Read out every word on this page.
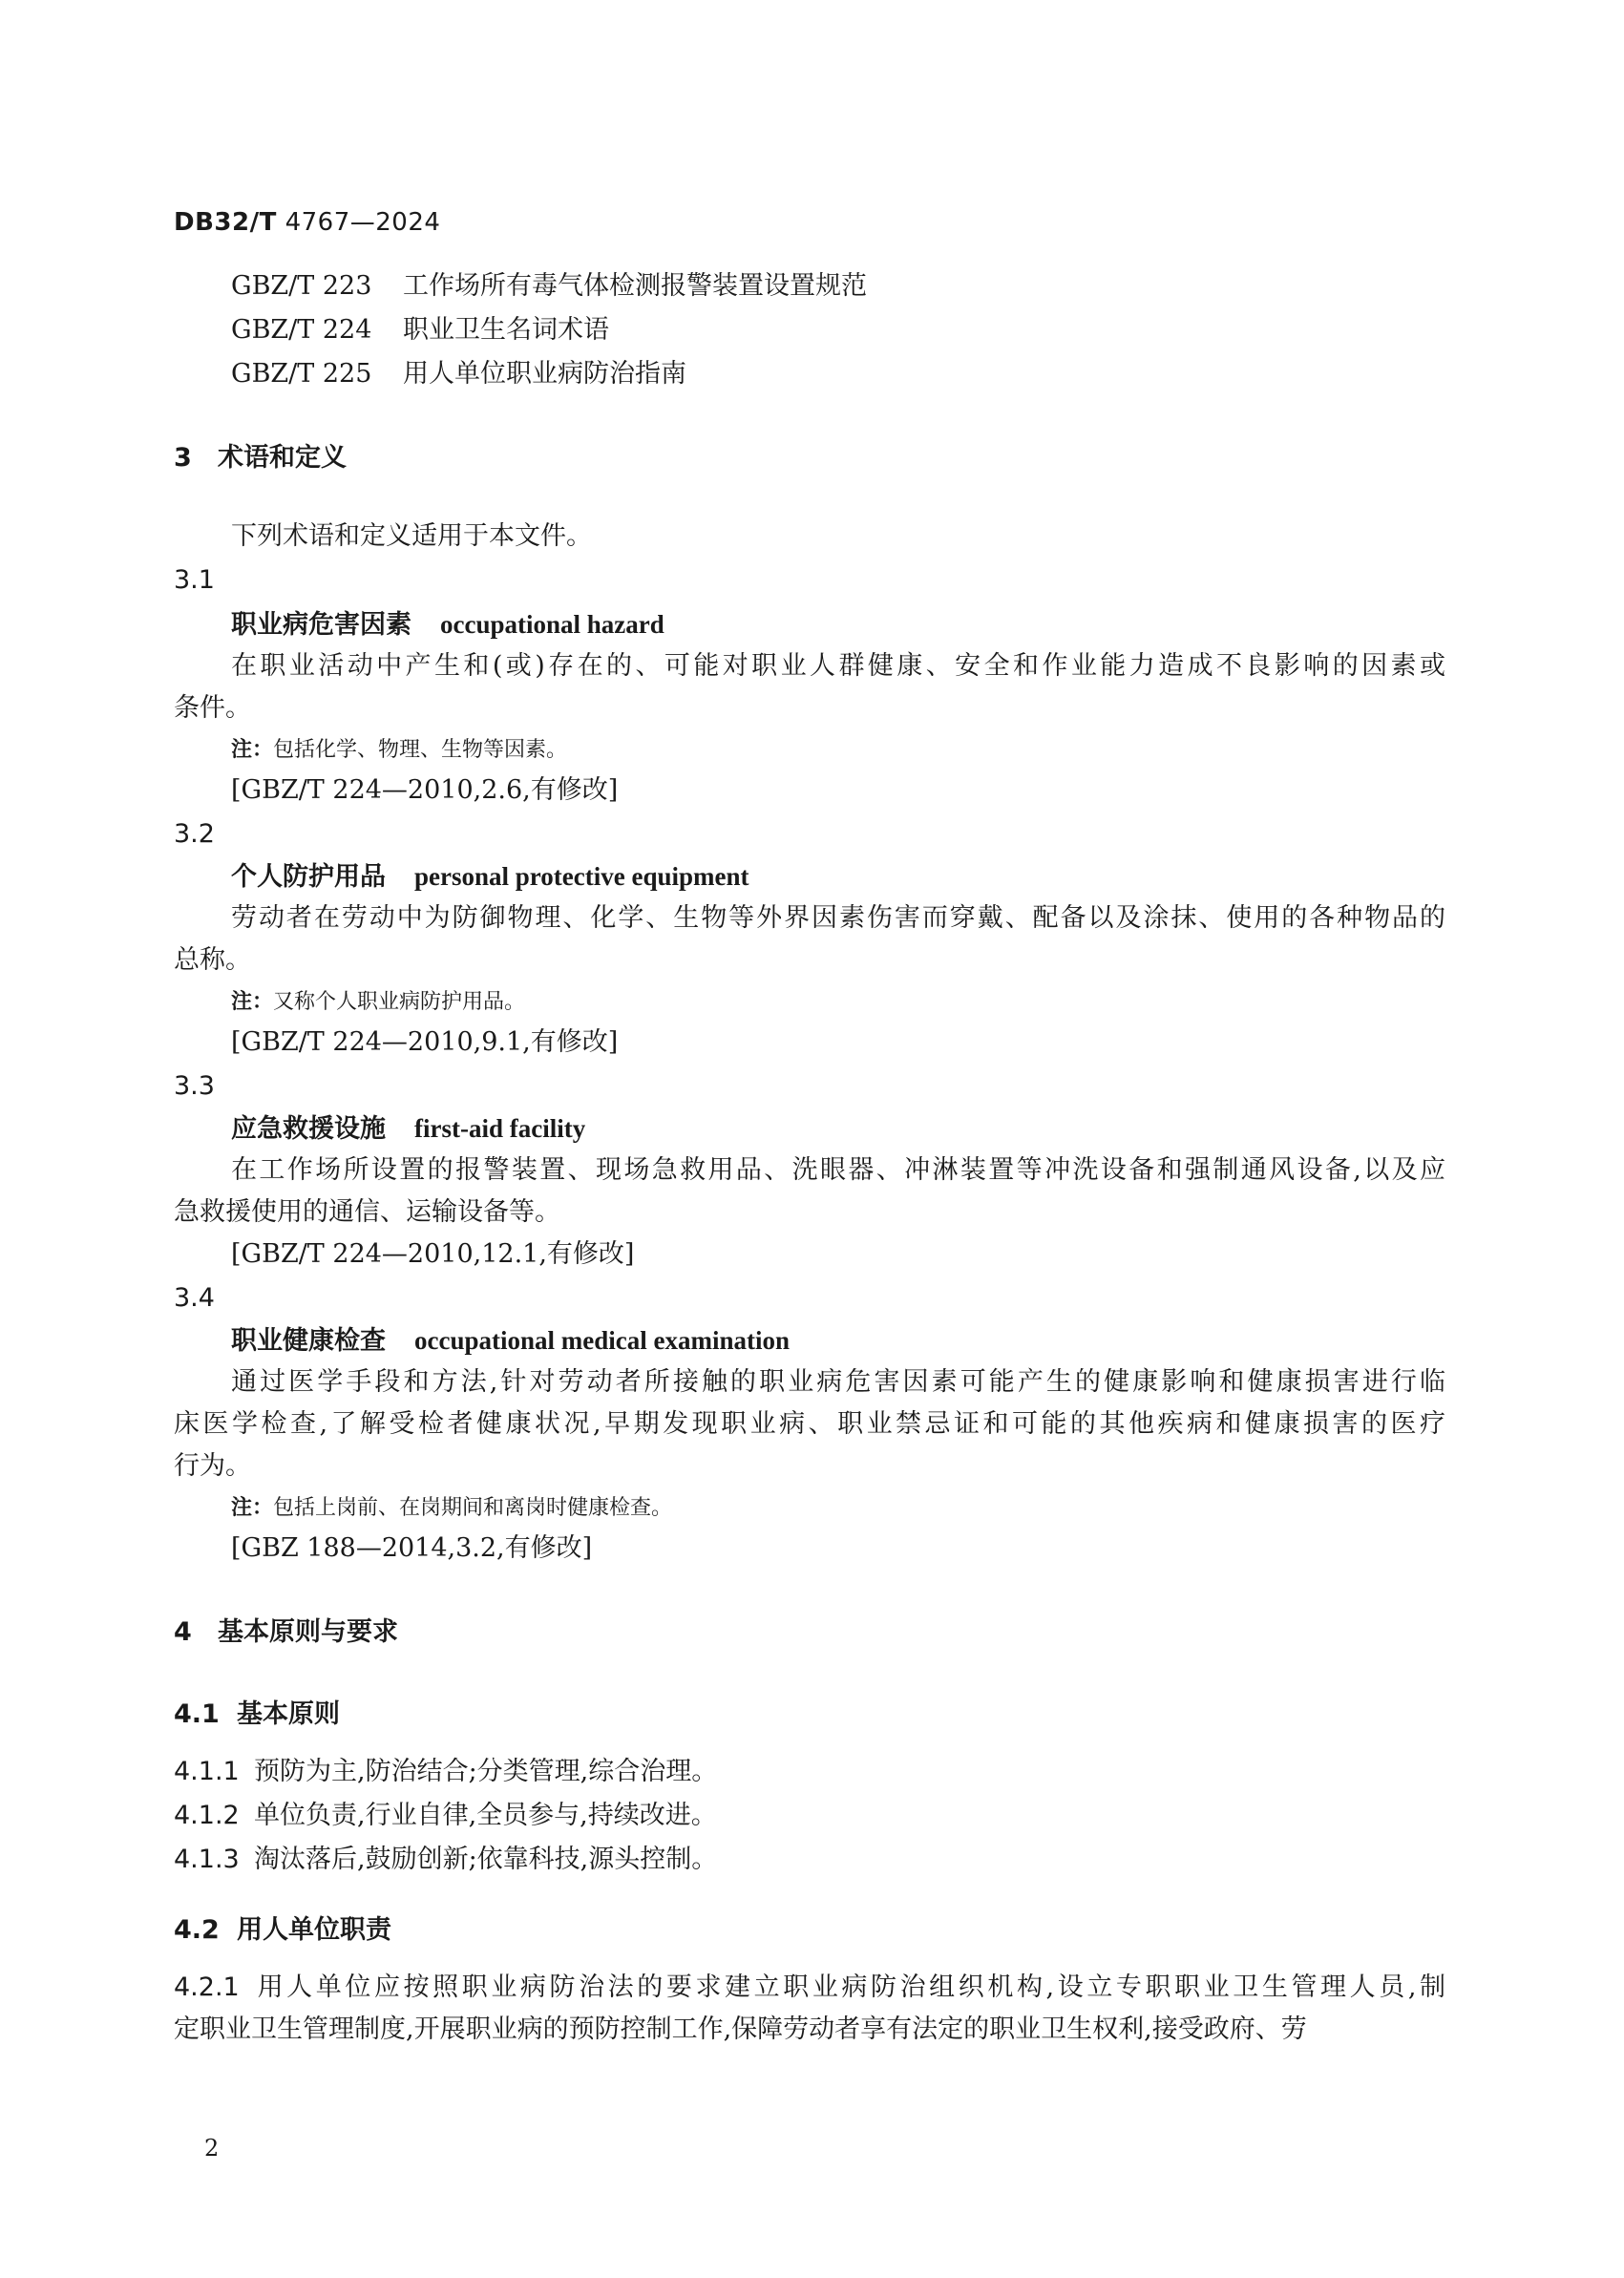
DB32/T 4767—2024
GBZ/T 223 工作场所有毒气体检测报警装置设置规范
GBZ/T 224 职业卫生名词术语
GBZ/T 225 用人单位职业病防治指南
3 术语和定义
下列术语和定义适用于本文件。
3.1
职业病危害因素 occupational hazard
在职业活动中产生和(或)存在的、可能对职业人群健康、安全和作业能力造成不良影响的因素或
条件。
注：包括化学、物理、生物等因素。
[GBZ/T 224—2010,2.6,有修改]
3.2
个人防护用品 personal protective equipment
劳动者在劳动中为防御物理、化学、生物等外界因素伤害而穿戴、配备以及涂抹、使用的各种物品的
总称。
注：又称个人职业病防护用品。
[GBZ/T 224—2010,9.1,有修改]
3.3
应急救援设施 first-aid facility
在工作场所设置的报警装置、现场急救用品、洗眼器、冲淋装置等冲洗设备和强制通风设备,以及应
急救援使用的通信、运输设备等。
[GBZ/T 224—2010,12.1,有修改]
3.4
职业健康检查 occupational medical examination
通过医学手段和方法,针对劳动者所接触的职业病危害因素可能产生的健康影响和健康损害进行临
床医学检查,了解受检者健康状况,早期发现职业病、职业禁忌证和可能的其他疾病和健康损害的医疗
行为。
注：包括上岗前、在岗期间和离岗时健康检查。
[GBZ 188—2014,3.2,有修改]
4 基本原则与要求
4.1 基本原则
4.1.1 预防为主,防治结合;分类管理,综合治理。
4.1.2 单位负责,行业自律,全员参与,持续改进。
4.1.3 淘汰落后,鼓励创新;依靠科技,源头控制。
4.2 用人单位职责
4.2.1 用人单位应按照职业病防治法的要求建立职业病防治组织机构,设立专职职业卫生管理人员,制
定职业卫生管理制度,开展职业病的预防控制工作,保障劳动者享有法定的职业卫生权利,接受政府、劳
2
